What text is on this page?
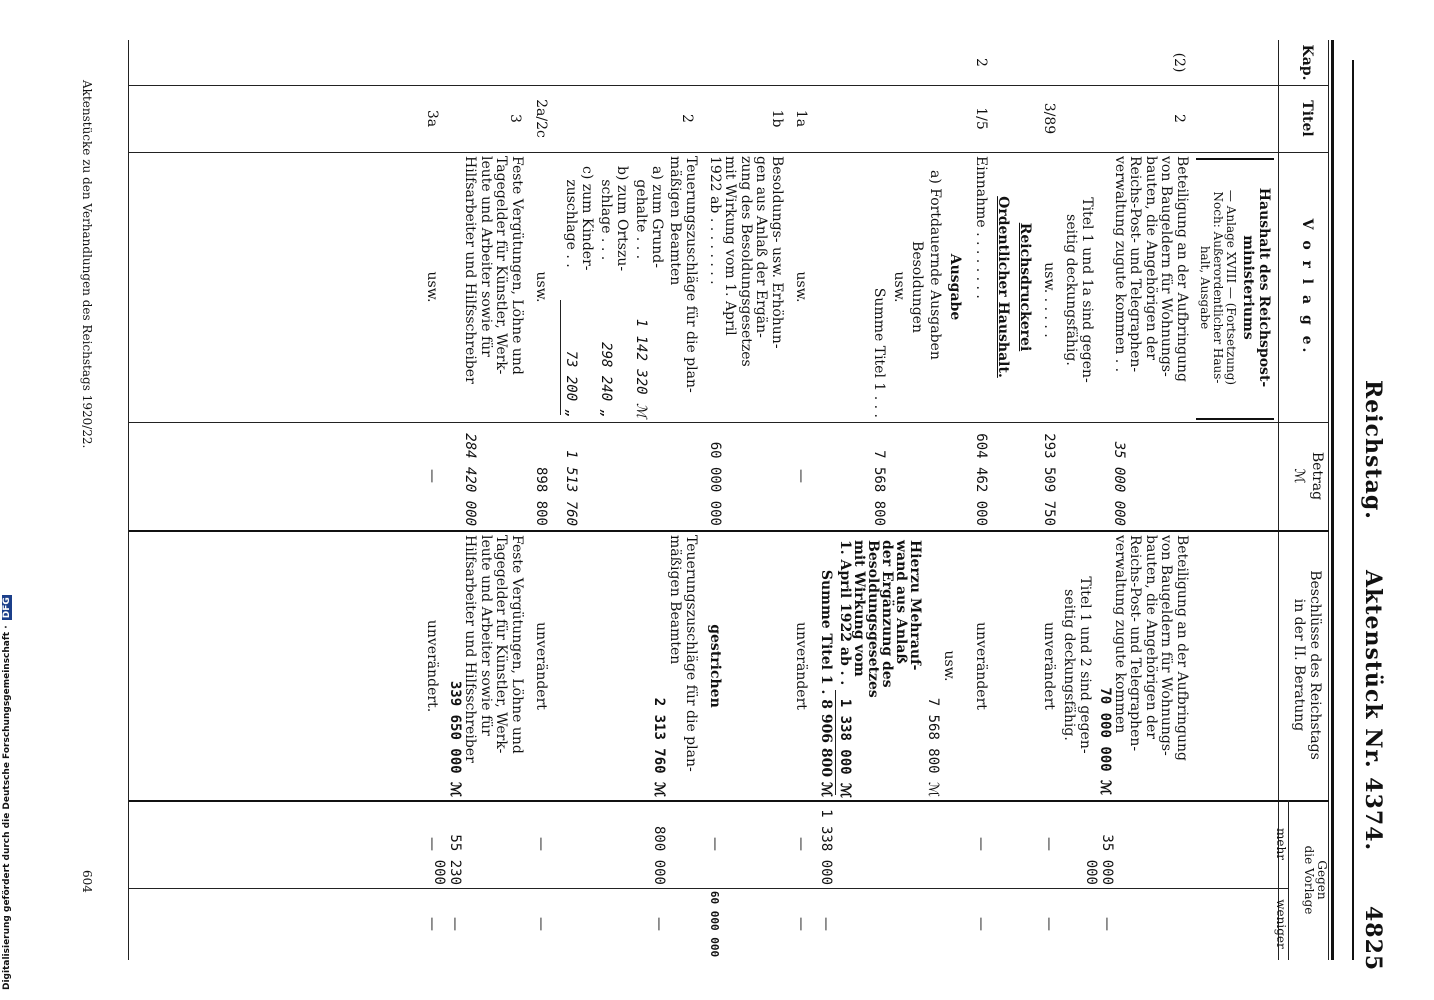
Digitalisierung gefördert durch die Deutsche Forschungsgemeinschaft · DFG
Reichstag.
Aktenstück Nr. 4374.
4825
Kap.
Titel
V o r l a g e.
Betrag
ℳ
Beschlüsse des Reichstags
in der II. Beratung
Gegen
die Vorlage
mehr
weniger
Haushalt des Reichspost-
ministeriums
— Anlage XVIII — (Fortsetzung)
Noch: Außerordentlicher Haus-
halt, Ausgabe
(2)
2
Beteiligung an der Aufbringung
von Baugeldern für Wohnungs-
bauten, die Angehörigen der
Reichs-Post- und Telegraphen-
verwaltung zugute kommen . .
35 000 000
Beteiligung an der Aufbringung
von Baugeldern für Wohnungs-
bauten, die Angehörigen der
Reichs-Post- und Telegraphen-
verwaltung zugute kommen
70 000 000 ℳ
35 000 000
—
Titel 1 und 1a sind gegen-
seitig deckungsfähig.
Titel 1 und 2 sind gegen-
seitig deckungsfähig.
3/89
usw. . . . . .
293 509 750
unverändert
—
—
Reichsdruckerei
Ordentlicher Haushalt.
2
1/5
Einnahme . . . . . . . .
604 462 000
unverändert
—
—
Ausgabe
a) Fortdauernde Ausgaben
Besoldungen
usw.
Summe Titel 1 . . .
7 568 800
usw.
7 568 800 ℳ
Hierzu Mehrauf-
wand aus Anlaß
der Ergänzung des
Besoldungsgesetzes
mit Wirkung vom
1. April 1922 ab . .
1 338 000 ℳ
Summe Titel 1 . 8 906 800 ℳ
1 338 000
—
1a
usw.
—
unverändert
—
—
1b
Besoldungs- usw. Erhöhun-
gen aus Anlaß der Ergän-
zung des Besoldungsgesetzes
mit Wirkung vom 1. April
1922 ab . . . . . . . .
60 000 000
gestrichen
—
60 000 000
2
Teuerungszuschläge für die plan-
mäßigen Beamten
a) zum Grund-
gehalte . . .
1 142 320 ℳ
b) zum Ortszu-
schlage . . .
298 240 „
c) zum Kinder-
zuschlage . .
73 200 „
1 513 760
Teuerungszuschläge für die plan-
mäßigen Beamten
2 313 760 ℳ
800 000
—
2a/2c
usw.
898 800
unverändert
—
—
3
Feste Vergütungen, Löhne und
Tagegelder für Künstler, Werk-
leute und Arbeiter sowie für
Hilfsarbeiter und Hilfsschreiber
284 420 000
Feste Vergütungen, Löhne und
Tagegelder für Künstler, Werk-
leute und Arbeiter sowie für
Hilfsarbeiter und Hilfsschreiber
339 650 000 ℳ
55 230 000
—
3a
usw.
—
unverändert.
—
—
Aktenstücke zu den Verhandlungen des Reichstags 1920/22.
604
